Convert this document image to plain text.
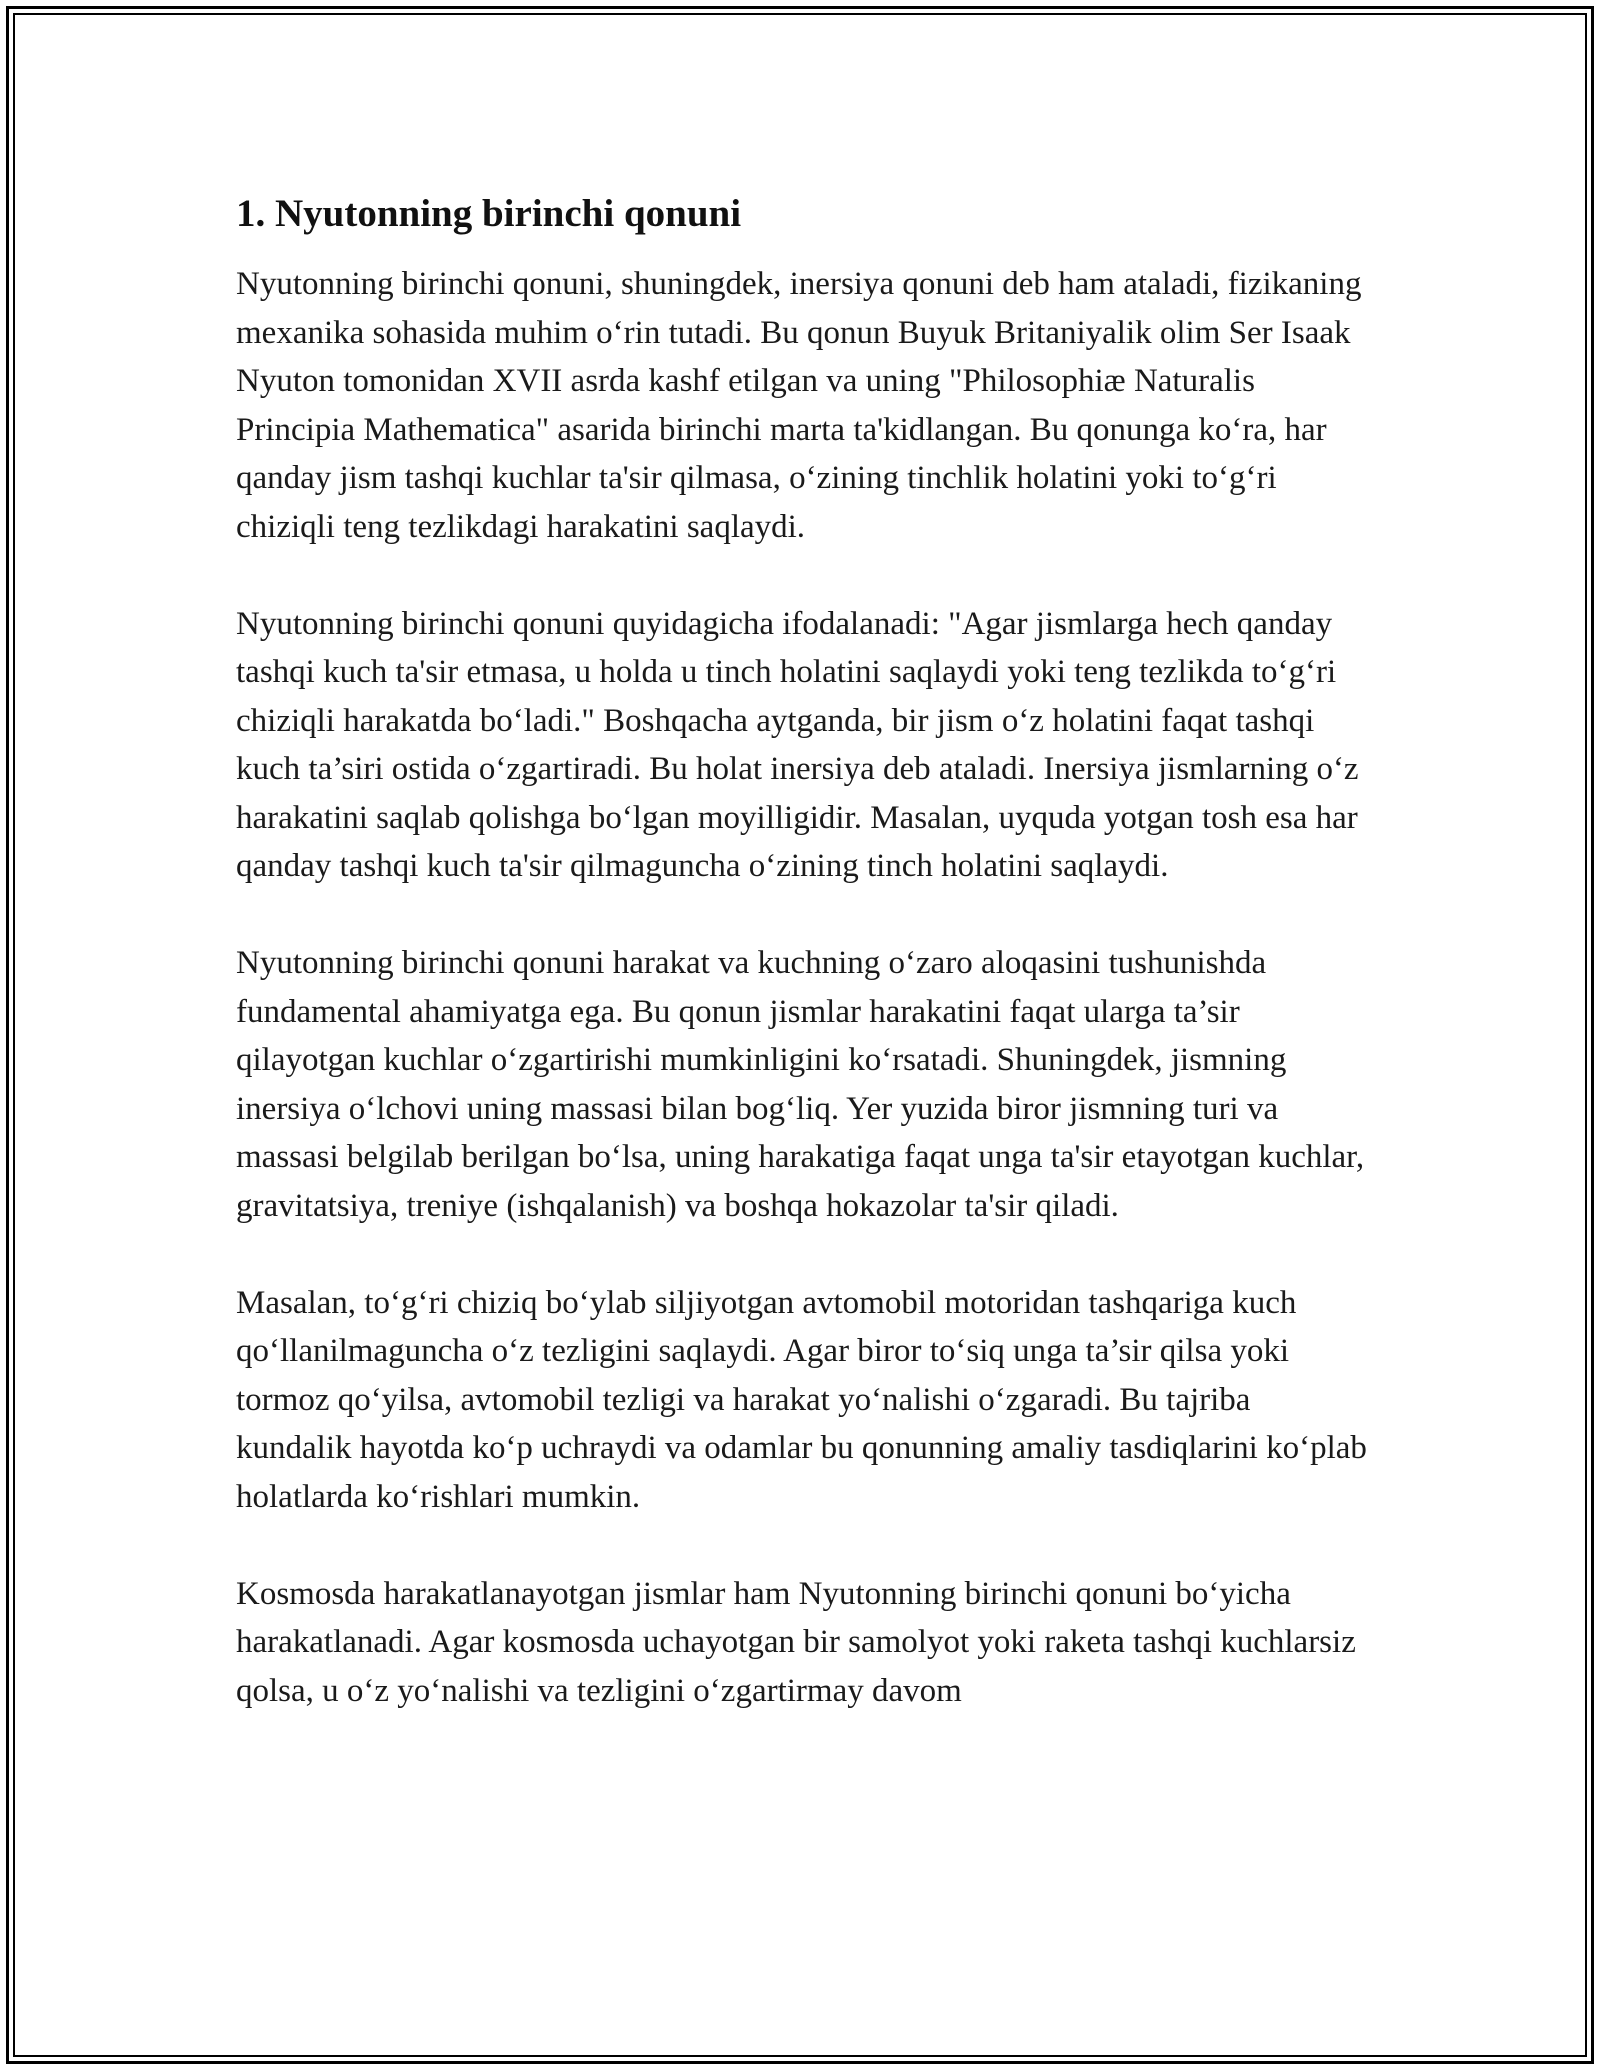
1. Nyutonning birinchi qonuni

Nyutonning birinchi qonuni, shuningdek, inersiya qonuni deb ham ataladi, fizikaning mexanika sohasida muhim o‘rin tutadi. Bu qonun Buyuk Britaniyalik olim Ser Isaak Nyuton tomonidan XVII asrda kashf etilgan va uning "Philosophiæ Naturalis Principia Mathematica" asarida birinchi marta ta'kidlangan. Bu qonunga ko‘ra, har qanday jism tashqi kuchlar ta'sir qilmasa, o‘zining tinchlik holatini yoki to‘g‘ri chiziqli teng tezlikdagi harakatini saqlaydi.

Nyutonning birinchi qonuni quyidagicha ifodalanadi: "Agar jismlarga hech qanday tashqi kuch ta'sir etmasa, u holda u tinch holatini saqlaydi yoki teng tezlikda to‘g‘ri chiziqli harakatda bo‘ladi." Boshqacha aytganda, bir jism o‘z holatini faqat tashqi kuch ta’siri ostida o‘zgartiradi. Bu holat inersiya deb ataladi. Inersiya jismlarning o‘z harakatini saqlab qolishga bo‘lgan moyilligidir. Masalan, uyquda yotgan tosh esa har qanday tashqi kuch ta'sir qilmaguncha o‘zining tinch holatini saqlaydi.

Nyutonning birinchi qonuni harakat va kuchning o‘zaro aloqasini tushunishda fundamental ahamiyatga ega. Bu qonun jismlar harakatini faqat ularga ta’sir qilayotgan kuchlar o‘zgartirishi mumkinligini ko‘rsatadi. Shuningdek, jismning inersiya o‘lchovi uning massasi bilan bog‘liq. Yer yuzida biror jismning turi va massasi belgilab berilgan bo‘lsa, uning harakatiga faqat unga ta'sir etayotgan kuchlar, gravitatsiya, treniye (ishqalanish) va boshqa hokazolar ta'sir qiladi.

Masalan, to‘g‘ri chiziq bo‘ylab siljiyotgan avtomobil motoridan tashqariga kuch qo‘llanilmaguncha o‘z tezligini saqlaydi. Agar biror to‘siq unga ta’sir qilsa yoki tormoz qo‘yilsa, avtomobil tezligi va harakat yo‘nalishi o‘zgaradi. Bu tajriba kundalik hayotda ko‘p uchraydi va odamlar bu qonunning amaliy tasdiqlarini ko‘plab holatlarda ko‘rishlari mumkin.

Kosmosda harakatlanayotgan jismlar ham Nyutonning birinchi qonuni bo‘yicha harakatlanadi. Agar kosmosda uchayotgan bir samolyot yoki raketa tashqi kuchlarsiz qolsa, u o‘z yo‘nalishi va tezligini o‘zgartirmay davom
